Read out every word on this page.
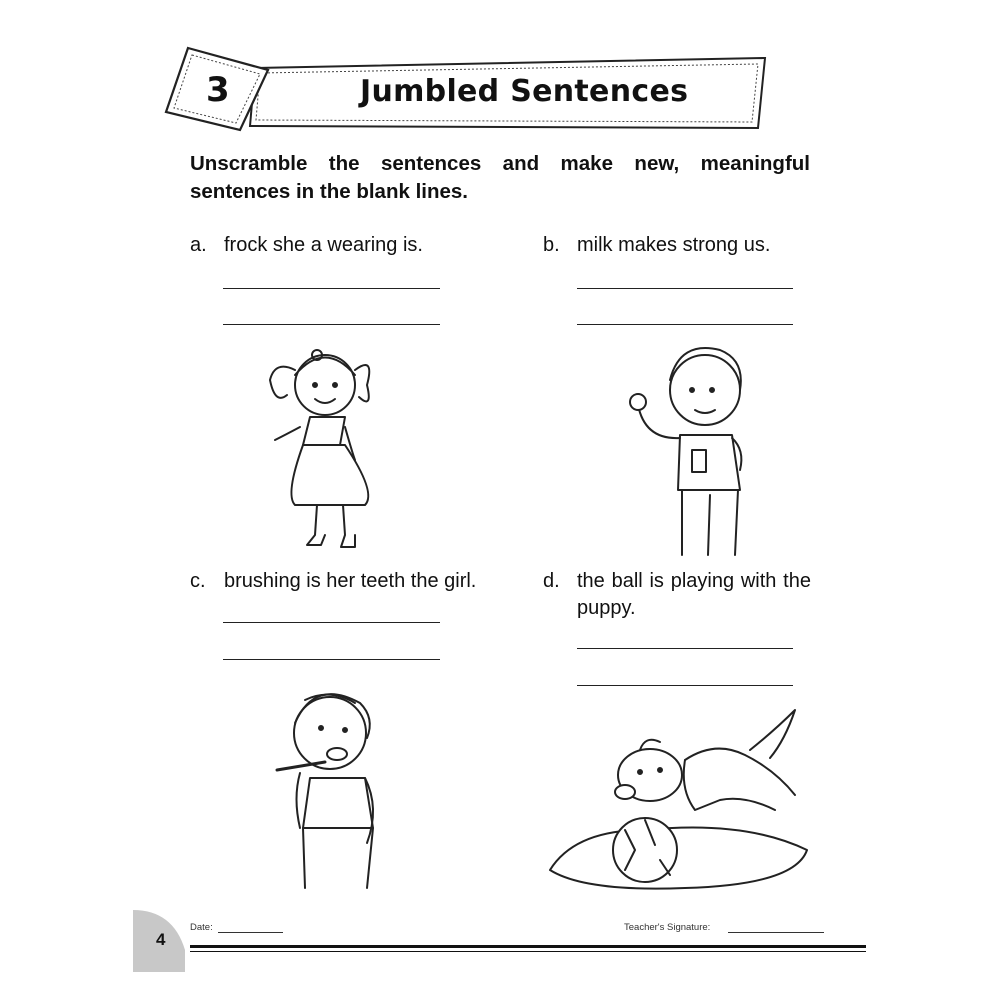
3	Jumbled Sentences
Unscramble the sentences and make new, meaningful sentences in the blank lines.
a. frock she a wearing is.	b. milk makes strong us.
c. brushing is her teeth the girl.	d. the ball is playing with the puppy.
4
Date:	Teacher's Signature:
